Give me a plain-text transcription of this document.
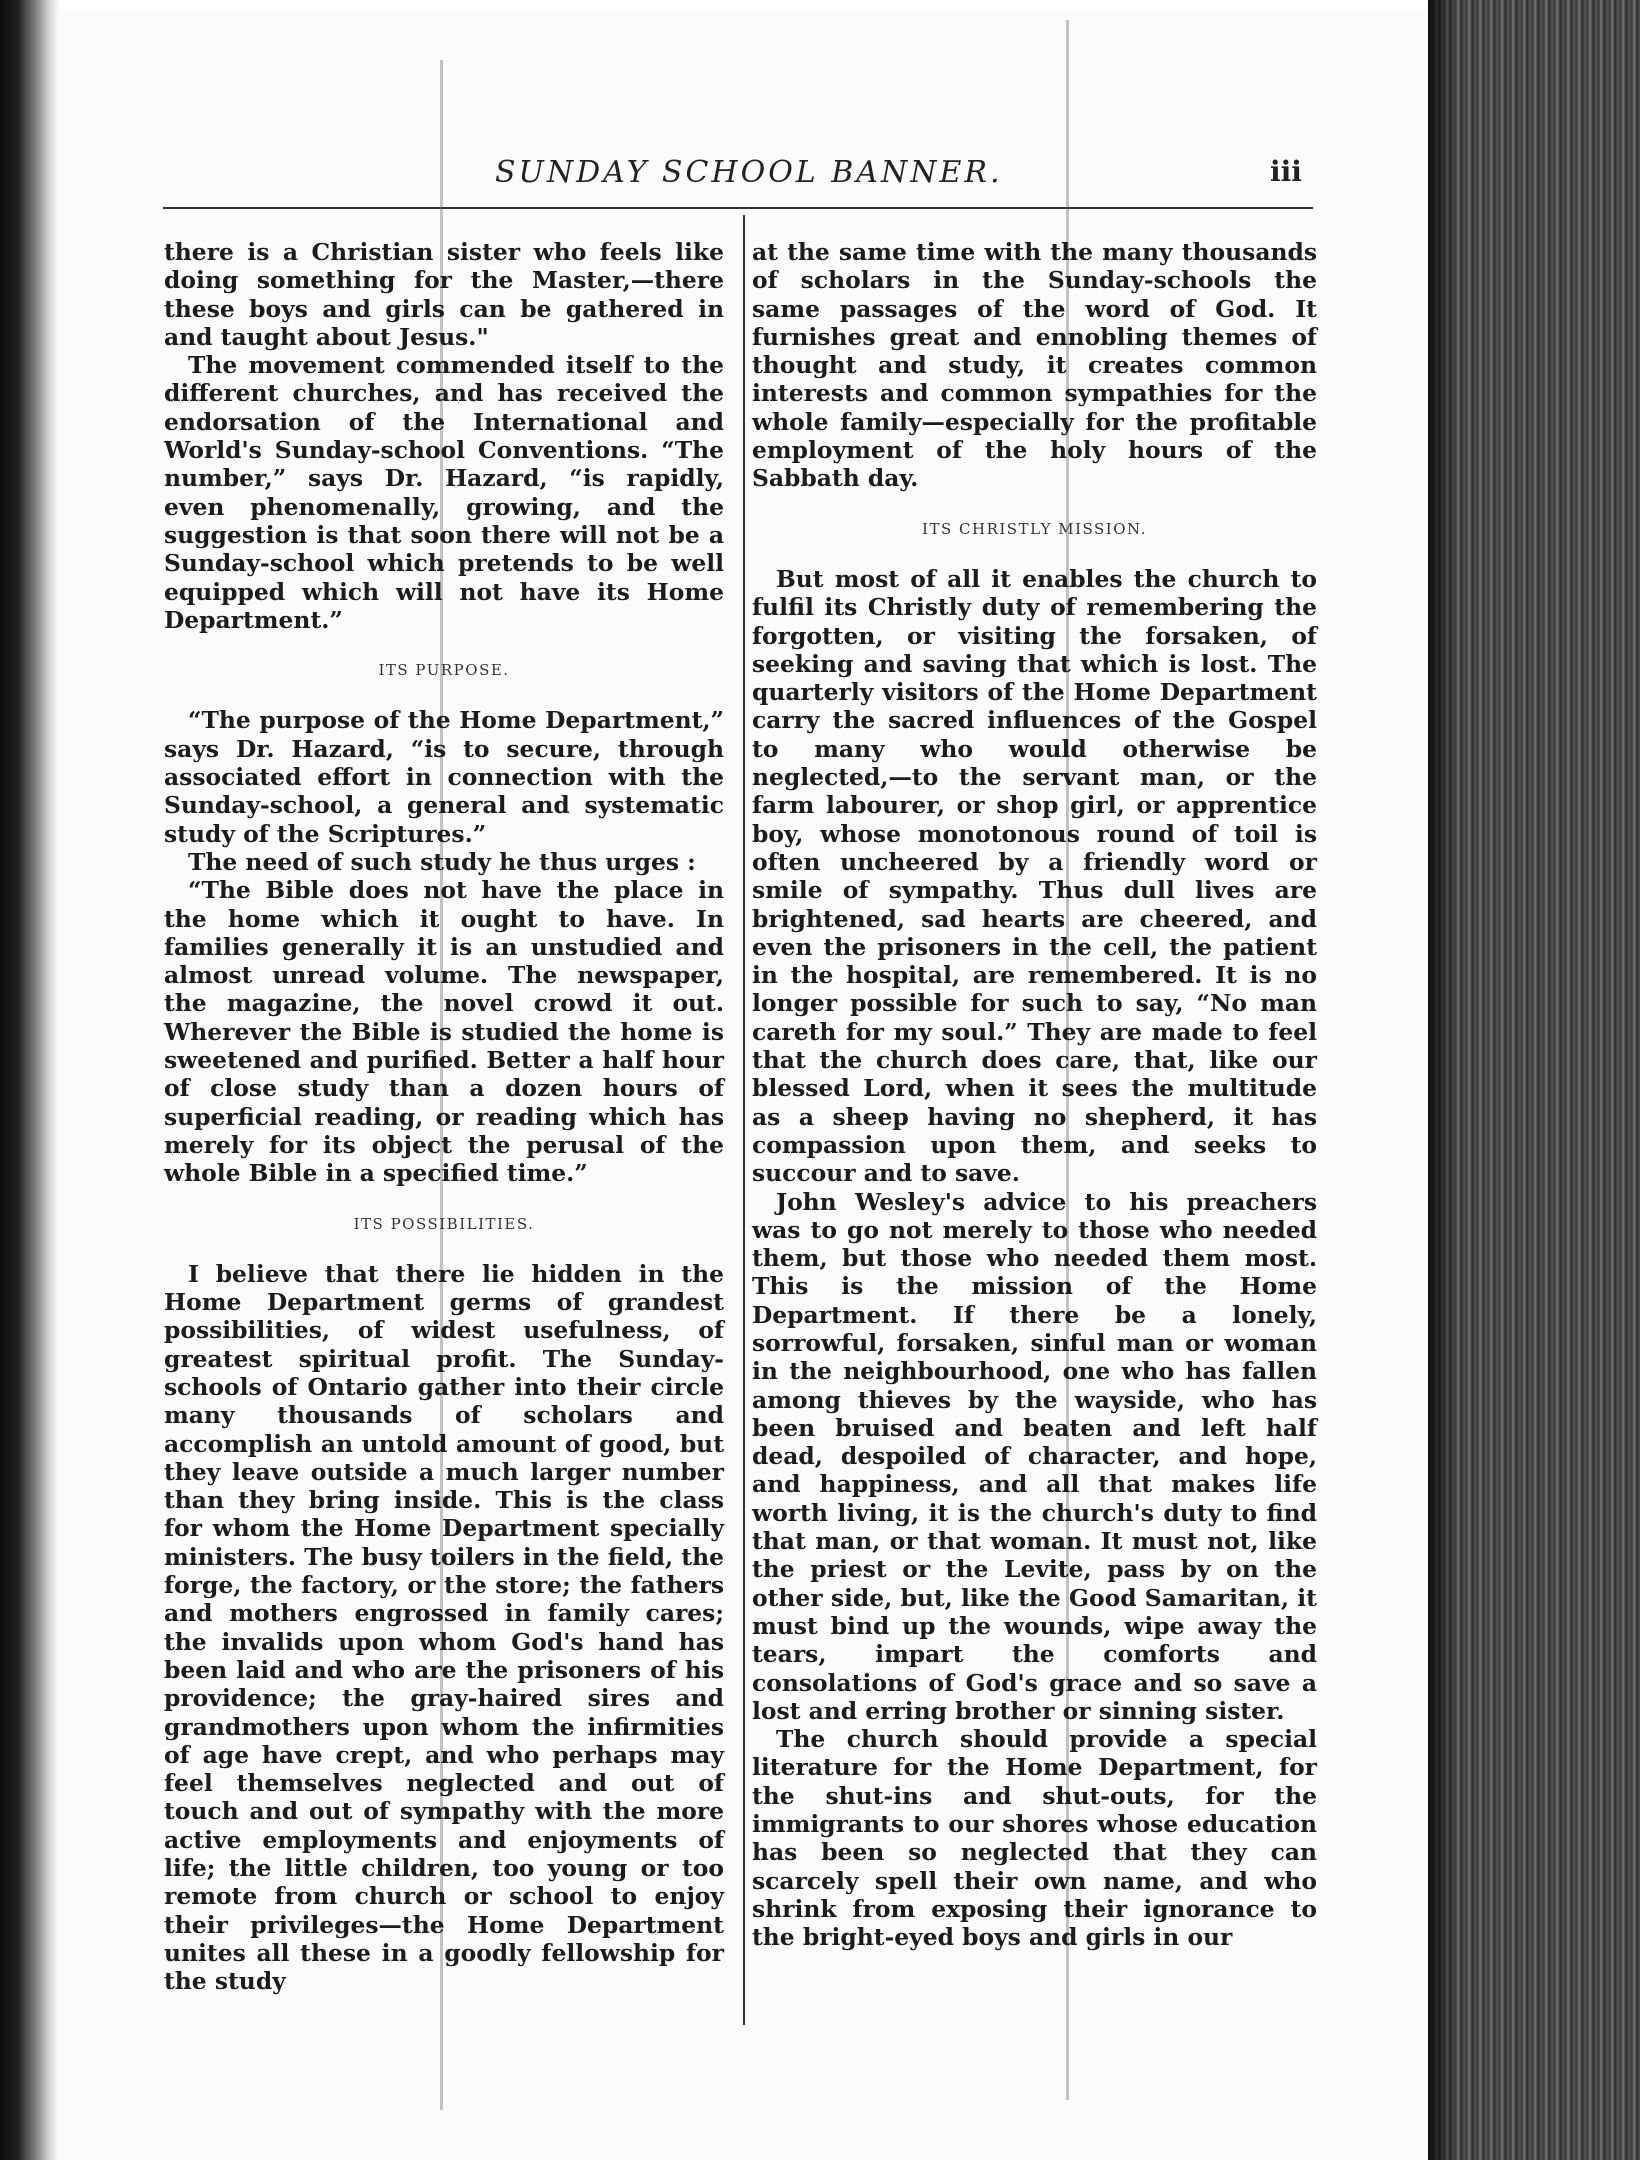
SUNDAY SCHOOL BANNER.	iii

there is a Christian sister who feels like doing something for the Master,—there these boys and girls can be gathered in and taught about Jesus."

The movement commended itself to the different churches, and has received the endorsation of the International and World's Sunday-school Conventions. “The number,” says Dr. Hazard, “is rapidly, even phenomenally, growing, and the suggestion is that soon there will not be a Sunday-school which pretends to be well equipped which will not have its Home Department.”

ITS PURPOSE.

“The purpose of the Home Department,” says Dr. Hazard, “is to secure, through associated effort in connection with the Sunday-school, a general and systematic study of the Scriptures.”

The need of such study he thus urges :

“The Bible does not have the place in the home which it ought to have. In families generally it is an unstudied and almost unread volume. The newspaper, the magazine, the novel crowd it out. Wherever the Bible is studied the home is sweetened and purified. Better a half hour of close study than a dozen hours of superficial reading, or reading which has merely for its object the perusal of the whole Bible in a specified time.”

ITS POSSIBILITIES.

I believe that there lie hidden in the Home Department germs of grandest possibilities, of widest usefulness, of greatest spiritual profit. The Sunday-schools of Ontario gather into their circle many thousands of scholars and accomplish an untold amount of good, but they leave outside a much larger number than they bring inside. This is the class for whom the Home Department specially ministers. The busy toilers in the field, the forge, the factory, or the store; the fathers and mothers engrossed in family cares; the invalids upon whom God's hand has been laid and who are the prisoners of his providence; the gray-haired sires and grandmothers upon whom the infirmities of age have crept, and who perhaps may feel themselves neglected and out of touch and out of sympathy with the more active employments and enjoyments of life; the little children, too young or too remote from church or school to enjoy their privileges—the Home Department unites all these in a goodly fellowship for the study

at the same time with the many thousands of scholars in the Sunday-schools the same passages of the word of God. It furnishes great and ennobling themes of thought and study, it creates common interests and common sympathies for the whole family—especially for the profitable employment of the holy hours of the Sabbath day.

ITS CHRISTLY MISSION.

But most of all it enables the church to fulfil its Christly duty of remembering the forgotten, or visiting the forsaken, of seeking and saving that which is lost. The quarterly visitors of the Home Department carry the sacred influences of the Gospel to many who would otherwise be neglected,—to the servant man, or the farm labourer, or shop girl, or apprentice boy, whose monotonous round of toil is often uncheered by a friendly word or smile of sympathy. Thus dull lives are brightened, sad hearts are cheered, and even the prisoners in the cell, the patient in the hospital, are remembered. It is no longer possible for such to say, “No man careth for my soul.” They are made to feel that the church does care, that, like our blessed Lord, when it sees the multitude as a sheep having no shepherd, it has compassion upon them, and seeks to succour and to save.

John Wesley's advice to his preachers was to go not merely to those who needed them, but those who needed them most. This is the mission of the Home Department. If there be a lonely, sorrowful, forsaken, sinful man or woman in the neighbourhood, one who has fallen among thieves by the wayside, who has been bruised and beaten and left half dead, despoiled of character, and hope, and happiness, and all that makes life worth living, it is the church's duty to find that man, or that woman. It must not, like the priest or the Levite, pass by on the other side, but, like the Good Samaritan, it must bind up the wounds, wipe away the tears, impart the comforts and consolations of God's grace and so save a lost and erring brother or sinning sister.

The church should provide a special literature for the Home Department, for the shut-ins and shut-outs, for the immigrants to our shores whose education has been so neglected that they can scarcely spell their own name, and who shrink from exposing their ignorance to the bright-eyed boys and girls in our
